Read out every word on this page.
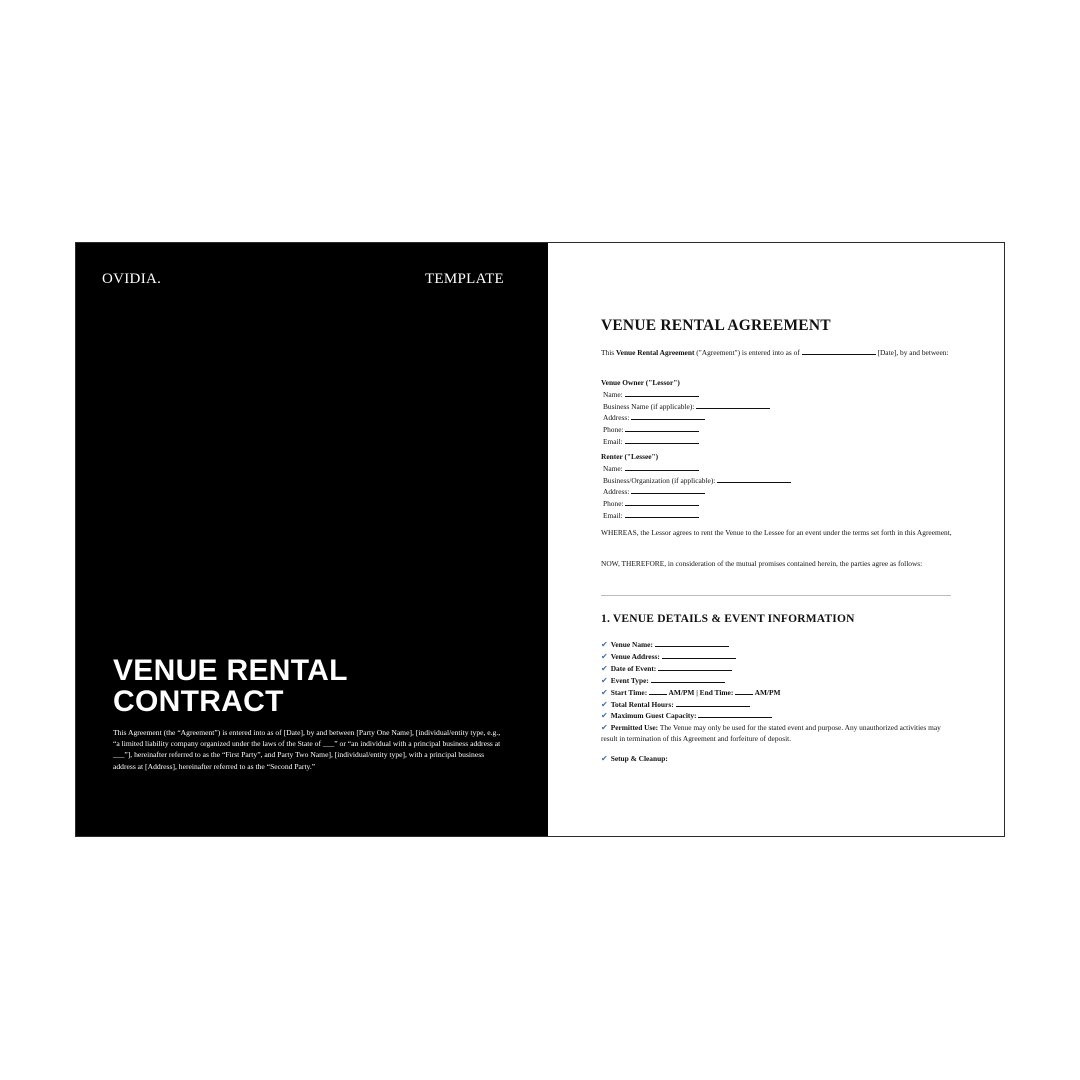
OVIDIA.	TEMPLATE
VENUE RENTAL
CONTRACT
This Agreement (the “Agreement”) is entered into as of [Date], by and between [Party One Name], [individual/entity type, e.g., “a limited liability company organized under the laws of the State of ___” or “an individual with a principal business address at ___”], hereinafter referred to as the “First Party”, and Party Two Name], [individual/entity type], with a principal business address at [Address], hereinafter referred to as the “Second Party.”
VENUE RENTAL AGREEMENT
This Venue Rental Agreement ("Agreement") is entered into as of	[Date], by and between:
Venue Owner ("Lessor")
Name:
Business Name (if applicable):
Address:
Phone:
Email:
Renter ("Lessee")
Name:
Business/Organization (if applicable):
Address:
Phone:
Email:
WHEREAS, the Lessor agrees to rent the Venue to the Lessee for an event under the terms set forth in this Agreement,
NOW, THEREFORE, in consideration of the mutual promises contained herein, the parties agree as follows:
1. VENUE DETAILS & EVENT INFORMATION
✔ Venue Name:
✔ Venue Address:
✔ Date of Event:
✔ Event Type:
✔ Start Time:	AM/PM | End Time:	AM/PM
✔ Total Rental Hours:
✔ Maximum Guest Capacity:
✔ Permitted Use: The Venue may only be used for the stated event and purpose. Any unauthorized activities may result in termination of this Agreement and forfeiture of deposit.
✔ Setup & Cleanup:
